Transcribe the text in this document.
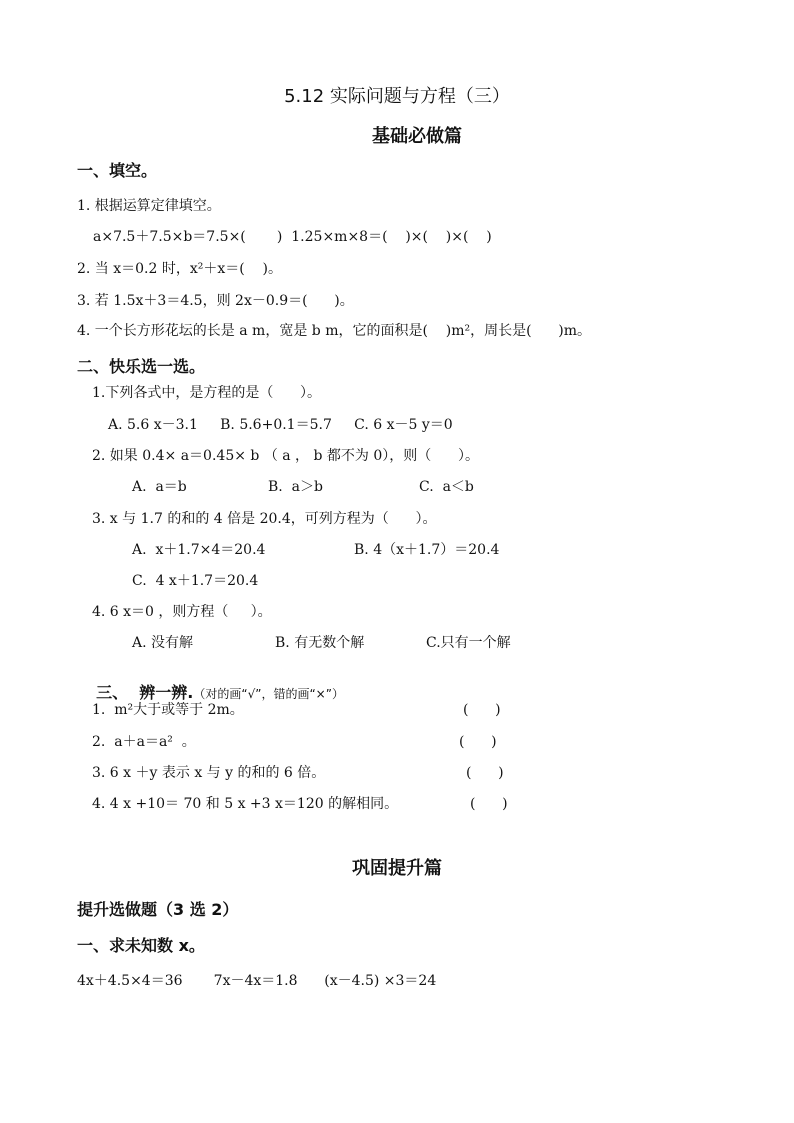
5.12 实际问题与方程（三）
基础必做篇
一、填空。
1. 根据运算定律填空。
a×7.5＋7.5×b＝7.5×(       )  1.25×m×8＝(    )×(    )×(    )
2. 当 x＝0.2 时，x²＋x＝(    )。
3. 若 1.5x＋3＝4.5，则 2x－0.9＝(      )。
4. 一个长方形花坛的长是 a m，宽是 b m，它的面积是(    )m²，周长是(      )m。
二、快乐选一选。
1.下列各式中，是方程的是（      ）。
A. 5.6 x－3.1     B. 5.6+0.1＝5.7     C. 6 x－5 y＝0
2. 如果 0.4× a＝0.45× b （ a ， b 都不为 0），则（      ）。
A.  a＝b	B.  a＞b	C.  a＜b
3. x 与 1.7 的和的 4 倍是 20.4，可列方程为（      ）。
A.  x＋1.7×4＝20.4	B. 4（x＋1.7）＝20.4
C.  4 x＋1.7＝20.4
4. 6 x＝0 ，则方程（     ）。
A. 没有解	B. 有无数个解	C.只有一个解

三、  辨一辨.（对的画“√”，错的画“×”）

1.  m²大于或等于 2m。	(      )
2.  a＋a＝a²  。	(      )
3. 6 x ＋y 表示 x 与 y 的和的 6 倍。	(      )
4. 4 x +10＝ 70 和 5 x +3 x＝120 的解相同。	(      )
巩固提升篇
提升选做题（3 选 2）
一、求未知数 x。
4x＋4.5×4＝36       7x－4x＝1.8      (x－4.5) ×3＝24
